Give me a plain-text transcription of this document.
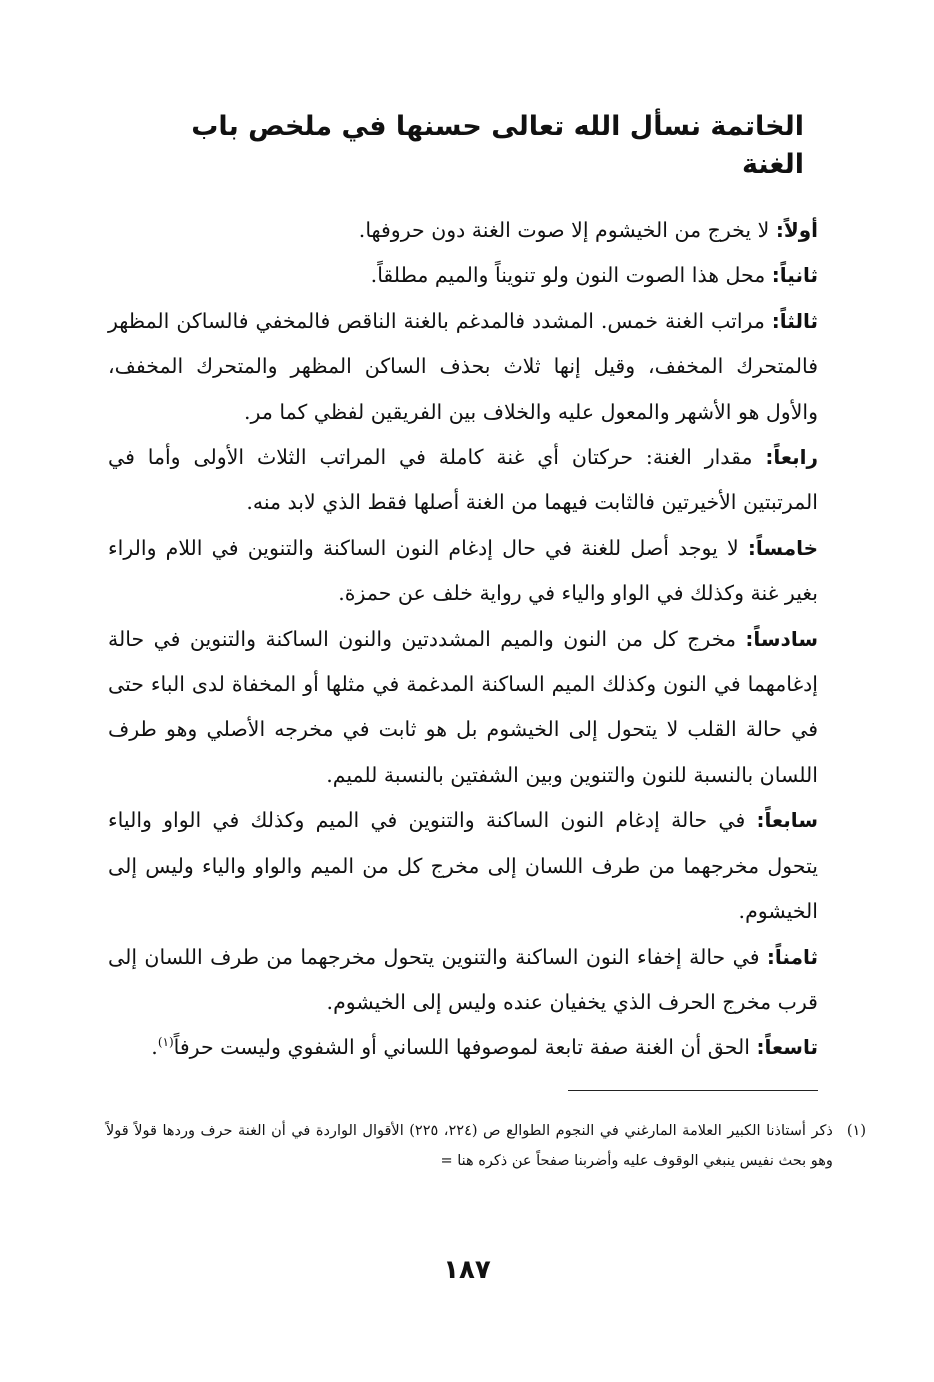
الخاتمة نسأل الله تعالى حسنها في ملخص باب الغنة

أولاً : لا يخرج من الخيشوم إلا صوت الغنة دون حروفها.

ثانياً : محل هذا الصوت النون ولو تنويناً والميم مطلقاً.

ثالثاً : مراتب الغنة خمس. المشدد فالمدغم بالغنة الناقص فالمخفي فالساكن المظهر فالمتحرك المخفف، وقيل إنها ثلاث بحذف الساكن المظهر والمتحرك المخفف، والأول هو الأشهر والمعول عليه والخلاف بين الفريقين لفظي كما مر.

رابعاً : مقدار الغنة: حركتان أي غنة كاملة في المراتب الثلاث الأولى وأما في المرتبتين الأخيرتين فالثابت فيهما من الغنة أصلها فقط الذي لابد منه.

خامساً : لا يوجد أصل للغنة في حال إدغام النون الساكنة والتنوين في اللام والراء بغير غنة وكذلك في الواو والياء في رواية خلف عن حمزة.

سادساً : مخرج كل من النون والميم المشددتين والنون الساكنة والتنوين في حالة إدغامهما في النون وكذلك الميم الساكنة المدغمة في مثلها أو المخفاة لدى الباء حتى في حالة القلب لا يتحول إلى الخيشوم بل هو ثابت في مخرجه الأصلي وهو طرف اللسان بالنسبة للنون والتنوين وبين الشفتين بالنسبة للميم.

سابعاً : في حالة إدغام النون الساكنة والتنوين في الميم وكذلك في الواو والياء يتحول مخرجهما من طرف اللسان إلى مخرج كل من الميم والواو والياء وليس إلى الخيشوم.

ثامناً : في حالة إخفاء النون الساكنة والتنوين يتحول مخرجهما من طرف اللسان إلى قرب مخرج الحرف الذي يخفيان عنده وليس إلى الخيشوم.

تاسعاً : الحق أن الغنة صفة تابعة لموصوفها اللساني أو الشفوي وليست حرفاً$^{(١)}$.

(١)
ذكر أستاذنا الكبير العلامة المارغني في النجوم الطوالع ص (٢٢٤، ٢٢٥) الأقوال الواردة في أن الغنة حرف وردها قولاً قولاً وهو بحث نفيس ينبغي الوقوف عليه وأضربنا صفحاً عن ذكره هنا =
١٨٧
